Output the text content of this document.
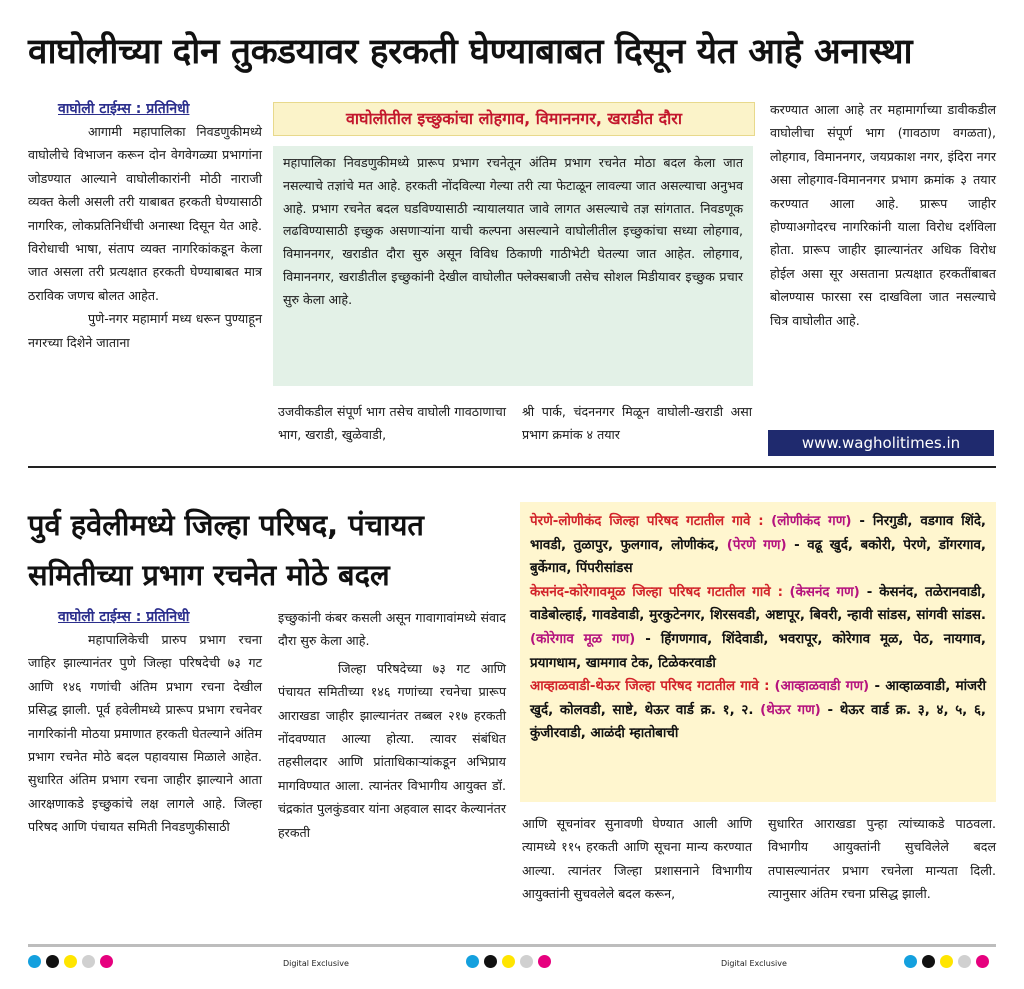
वाघोलीच्या दोन तुकडयावर हरकती घेण्याबाबत दिसून येत आहे अनास्था
वाघोली टाईम्स : प्रतिनिधी

आगामी महापालिका निवडणुकीमध्ये वाघोलीचे विभाजन करून दोन वेगवेगळ्या प्रभागांना जोडण्यात आल्याने वाघोलीकारांनी मोठी नाराजी व्यक्त केली असली तरी याबाबत हरकती घेण्यासाठी नागरिक, लोकप्रतिनिधींची अनास्था दिसून येत आहे. विरोधाची भाषा, संताप व्यक्त नागरिकांकडून केला जात असला तरी प्रत्यक्षात हरकती घेण्याबाबत मात्र ठराविक जणच बोलत आहेत.

पुणे-नगर महामार्ग मध्य धरून पुण्याहून नगरच्या दिशेने जाताना

वाघोलीतील इच्छुकांचा लोहगाव, विमाननगर, खराडीत दौरा

महापालिका निवडणुकीमध्ये प्रारूप प्रभाग रचनेतून अंतिम प्रभाग रचनेत मोठा बदल केला जात नसल्याचे तज्ञांचे मत आहे. हरकती नोंदविल्या गेल्या तरी त्या फेटाळून लावल्या जात असल्याचा अनुभव आहे. प्रभाग रचनेत बदल घडविण्यासाठी न्यायालयात जावे लागत असल्याचे तज्ञ सांगतात. निवडणूक लढविण्यासाठी इच्छुक असणाऱ्यांना याची कल्पना असल्याने वाघोलीतील इच्छुकांचा सध्या लोहगाव, विमाननगर, खराडीत दौरा सुरु असून विविध ठिकाणी गाठीभेटी घेतल्या जात आहेत. लोहगाव, विमाननगर, खराडीतील इच्छुकांनी देखील वाघोलीत फ्लेक्सबाजी तसेच सोशल मिडीयावर इच्छुक प्रचार सुरु केला आहे.

उजवीकडील संपूर्ण भाग तसेच वाघोली गावठाणाचा भाग, खराडी, खुळेवाडी,

श्री पार्क, चंदननगर मिळून वाघोली-खराडी असा प्रभाग क्रमांक ४ तयार

करण्यात आला आहे तर महामार्गाच्या डावीकडील वाघोलीचा संपूर्ण भाग (गावठाण वगळता), लोहगाव, विमाननगर, जयप्रकाश नगर, इंदिरा नगर असा लोहगाव-विमाननगर प्रभाग क्रमांक ३ तयार करण्यात आला आहे. प्रारूप जाहीर होण्याअगोदरच नागरिकांनी याला विरोध दर्शविला होता. प्रारूप जाहीर झाल्यानंतर अधिक विरोध होईल असा सूर असताना प्रत्यक्षात हरकतींबाबत बोलण्यास फारसा रस दाखविला जात नसल्याचे चित्र वाघोलीत आहे.

www.wagholitimes.in
पुर्व हवेलीमध्ये जिल्हा परिषद, पंचायत
समितीच्या प्रभाग रचनेत मोठे बदल
वाघोली टाईम्स : प्रतिनिधी

महापालिकेची प्रारुप प्रभाग रचना जाहिर झाल्यानंतर पुणे जिल्हा परिषदेची ७३ गट आणि १४६ गणांची अंतिम प्रभाग रचना देखील प्रसिद्ध झाली. पूर्व हवेलीमध्ये प्रारूप प्रभाग रचनेवर नागरिकांनी मोठया प्रमाणात हरकती घेतल्याने अंतिम प्रभाग रचनेत मोठे बदल पहावयास मिळाले आहेत. सुधारित अंतिम प्रभाग रचना जाहीर झाल्याने आता आरक्षणाकडे इच्छुकांचे लक्ष लागले आहे. जिल्हा परिषद आणि पंचायत समिती निवडणुकीसाठी

इच्छुकांनी कंबर कसली असून गावागावांमध्ये संवाद दौरा सुरु केला आहे.

जिल्हा परिषदेच्या ७३ गट आणि पंचायत समितीच्या १४६ गणांच्या रचनेचा प्रारूप आराखडा जाहीर झाल्यानंतर तब्बल २१७ हरकती नोंदवण्यात आल्या होत्या. त्यावर संबंधित तहसीलदार आणि प्रांताधिकाऱ्यांकडून अभिप्राय मागविण्यात आला. त्यानंतर विभागीय आयुक्त डॉ. चंद्रकांत पुलकुंडवार यांना अहवाल सादर केल्यानंतर हरकती

पेरणे-लोणीकंद जिल्हा परिषद गटातील गावे : (लोणीकंद गण) - निरगुडी, वडगाव शिंदे, भावडी, तुळापुर, फुलगाव, लोणीकंद, (पेरणे गण) - वढू खुर्द, बकोरी, पेरणे, डोंगरगाव, बुर्केगाव, पिंपरीसांडस
केसनंद-कोरेगावमूळ जिल्हा परिषद गटातील गावे : (केसनंद गण) - केसनंद, तळेरानवाडी, वाडेबोल्हाई, गावडेवाडी, मुरकुटेनगर, शिरसवडी, अष्टापूर, बिवरी, न्हावी सांडस, सांगवी सांडस. (कोरेगाव मूळ गण) - हिंगणगाव, शिंदेवाडी, भवरापूर, कोरेगाव मूळ, पेठ, नायगाव, प्रयागधाम, खामगाव टेक, टिळेकरवाडी
आव्हाळवाडी-थेऊर जिल्हा परिषद गटातील गावे : (आव्हाळवाडी गण) - आव्हाळवाडी, मांजरी खुर्द, कोलवडी, साष्टे, थेऊर वार्ड क्र. १, २. (थेऊर गण) - थेऊर वार्ड क्र. ३, ४, ५, ६, कुंजीरवाडी, आळंदी म्हातोबाची

आणि सूचनांवर सुनावणी घेण्यात आली आणि त्यामध्ये ११५ हरकती आणि सूचना मान्य करण्यात आल्या. त्यानंतर जिल्हा प्रशासनाने विभागीय आयुक्तांनी सुचवलेले बदल करून,

सुधारित आराखडा पुन्हा त्यांच्याकडे पाठवला. विभागीय आयुक्तांनी सुचविलेले बदल तपासल्यानंतर प्रभाग रचनेला मान्यता दिली. त्यानुसार अंतिम रचना प्रसिद्ध झाली.

Digital Exclusive	Digital Exclusive
